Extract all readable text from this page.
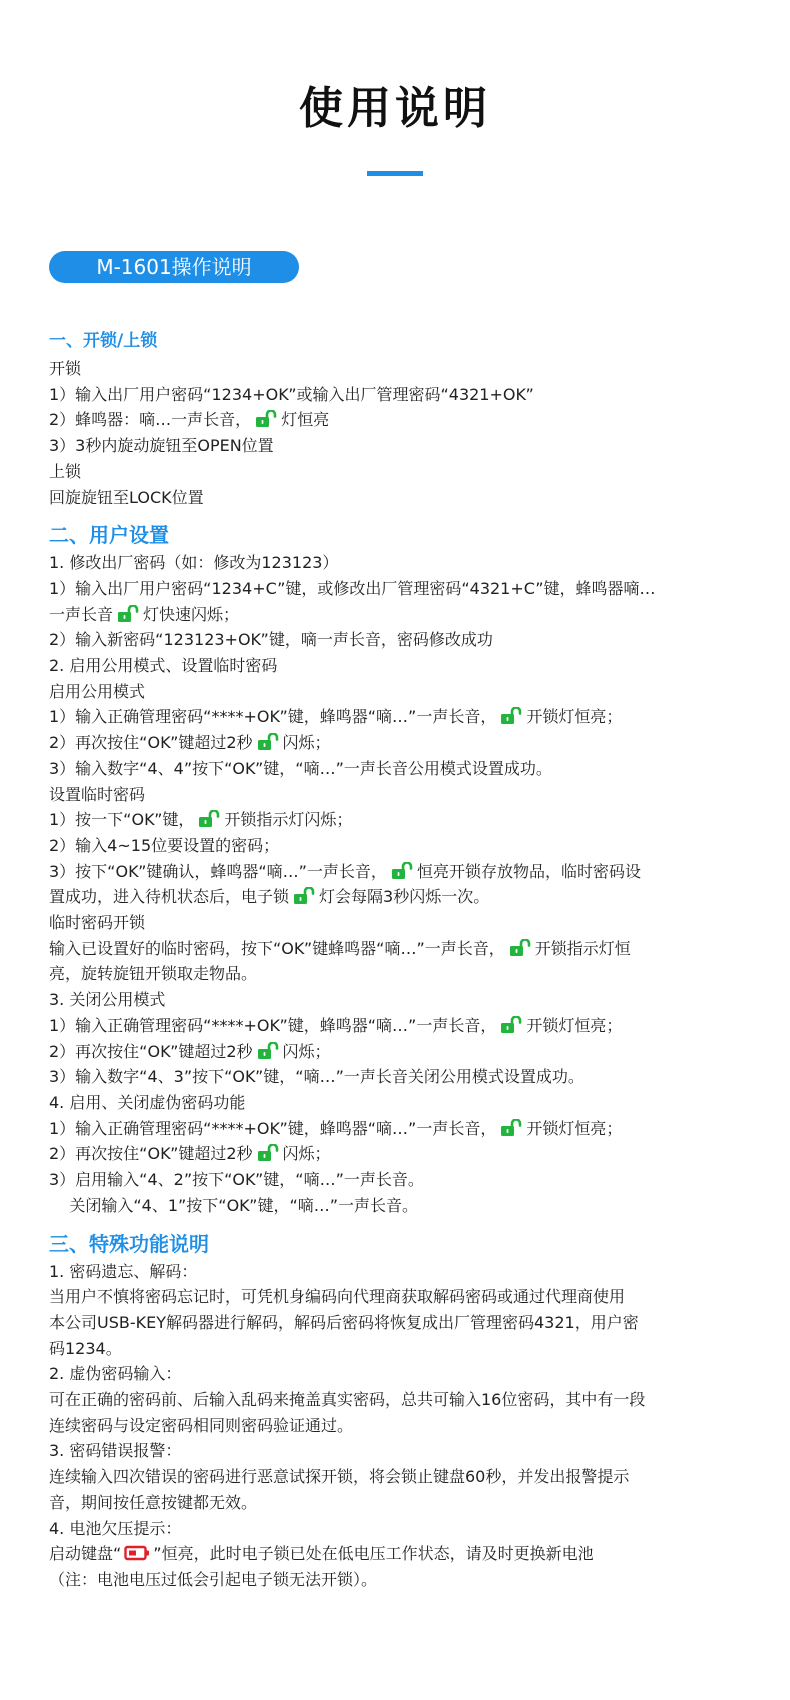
使用说明
M-1601操作说明

一、开锁/上锁

开锁

1）输入出厂用户密码“1234+OK”或输入出厂管理密码“4321+OK”

2）蜂鸣器：嘀…一声长音， 灯恒亮

3）3秒内旋动旋钮至OPEN位置

上锁

回旋旋钮至LOCK位置

二、用户设置

1. 修改出厂密码（如：修改为123123）

1）输入出厂用户密码“1234+C”键，或修改出厂管理密码“4321+C”键，蜂鸣器嘀…

一声长音 灯快速闪烁；

2）输入新密码“123123+OK”键，嘀一声长音，密码修改成功

2. 启用公用模式、设置临时密码

启用公用模式

1）输入正确管理密码“****+OK”键，蜂鸣器“嘀…”一声长音， 开锁灯恒亮；

2）再次按住“OK”键超过2秒 闪烁；

3）输入数字“4、4”按下“OK”键，“嘀…”一声长音公用模式设置成功。

设置临时密码

1）按一下“OK”键， 开锁指示灯闪烁；

2）输入4~15位要设置的密码；

3）按下“OK”键确认，蜂鸣器“嘀…”一声长音， 恒亮开锁存放物品，临时密码设

置成功，进入待机状态后，电子锁 灯会每隔3秒闪烁一次。

临时密码开锁

输入已设置好的临时密码，按下“OK”键蜂鸣器“嘀…”一声长音， 开锁指示灯恒

亮，旋转旋钮开锁取走物品。

3. 关闭公用模式

1）输入正确管理密码“****+OK”键，蜂鸣器“嘀…”一声长音， 开锁灯恒亮；

2）再次按住“OK”键超过2秒 闪烁；

3）输入数字“4、3”按下“OK”键，“嘀…”一声长音关闭公用模式设置成功。

4. 启用、关闭虚伪密码功能

1）输入正确管理密码“****+OK”键，蜂鸣器“嘀…”一声长音， 开锁灯恒亮；

2）再次按住“OK”键超过2秒 闪烁；

3）启用输入“4、2”按下“OK”键，“嘀…”一声长音。

关闭输入“4、1”按下“OK”键，“嘀…”一声长音。

三、特殊功能说明

1. 密码遗忘、解码：

当用户不慎将密码忘记时，可凭机身编码向代理商获取解码密码或通过代理商使用

本公司USB-KEY解码器进行解码，解码后密码将恢复成出厂管理密码4321，用户密

码1234。

2. 虚伪密码输入：

可在正确的密码前、后输入乱码来掩盖真实密码，总共可输入16位密码，其中有一段

连续密码与设定密码相同则密码验证通过。

3. 密码错误报警：

连续输入四次错误的密码进行恶意试探开锁，将会锁止键盘60秒，并发出报警提示

音，期间按任意按键都无效。

4. 电池欠压提示：

启动键盘“ ”恒亮，此时电子锁已处在低电压工作状态，请及时更换新电池

（注：电池电压过低会引起电子锁无法开锁）。
